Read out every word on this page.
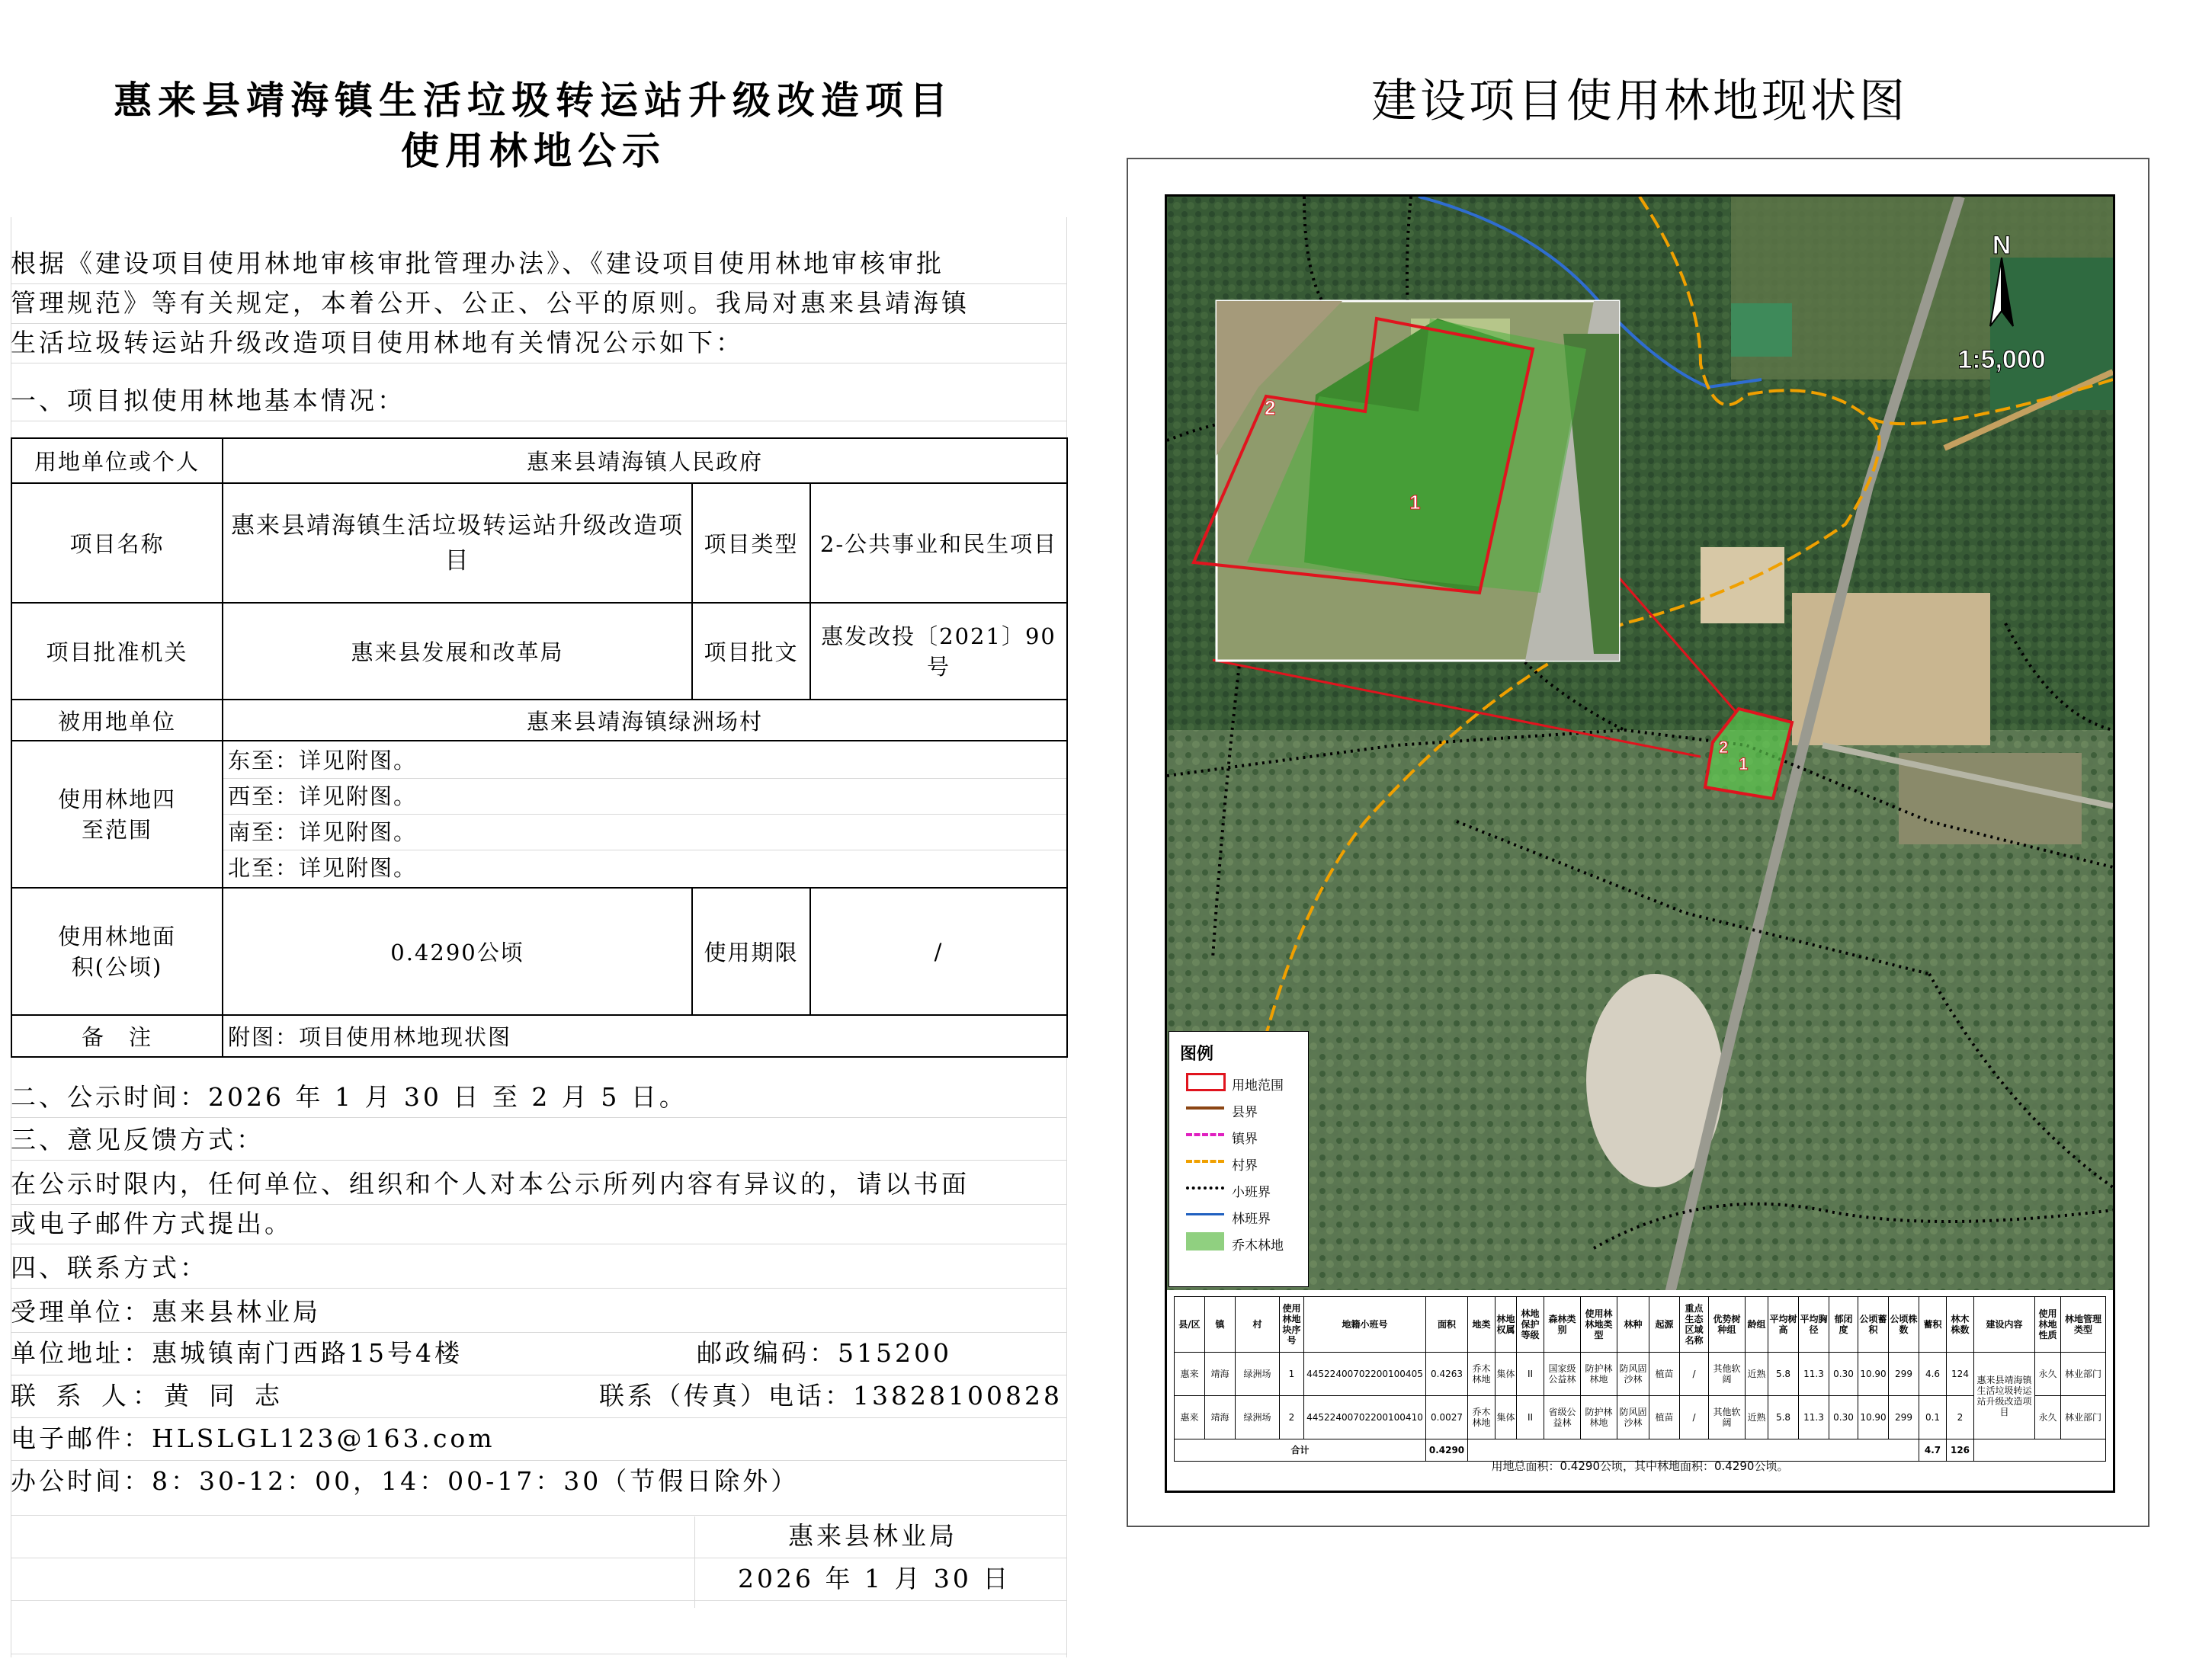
惠来县靖海镇生活垃圾转运站升级改造项目
使用林地公示
根据《建设项目使用林地审核审批管理办法》、《建设项目使用林地审核审批
管理规范》等有关规定，本着公开、公正、公平的原则。我局对惠来县靖海镇
生活垃圾转运站升级改造项目使用林地有关情况公示如下：
一、项目拟使用林地基本情况：
用地单位或个人	惠来县靖海镇人民政府		
项目名称	惠来县靖海镇生活垃圾转运站升级改造项目	项目类型	2-公共事业和民生项目
项目批准机关	惠来县发展和改革局	项目批文	惠发改投〔2021〕90号
被用地单位	惠来县靖海镇绿洲场村		
使用林地四至范围	东至：详见附图。
西至：详见附图。
南至：详见附图。
北至：详见附图。		

使用林地面积(公顷)	0.4290公顷	使用期限	/
备　注	附图：项目使用林地现状图		
二、公示时间：2026 年 1 月 30 日 至 2 月 5 日。
三、意见反馈方式：
在公示时限内，任何单位、组织和个人对本公示所列内容有异议的，请以书面
或电子邮件方式提出。
四、联系方式：
受理单位：惠来县林业局
单位地址：惠城镇南门西路15号4楼	邮政编码：515200
联 系 人：黄 同 志	联系（传真）电话：13828100828
电子邮件：HLSLGL123@163.com
办公时间：8：30-12：00，14：00-17：30（节假日除外）
惠来县林业局
2026 年 1 月 30 日
建设项目使用林地现状图
2
1
2
1
N
1:5,000
图例
用地范围
县界
镇界
村界
小班界
林班界
乔木林地
县/区	镇	村	使用林地块序号	地籍小班号	面积	地类	林地权属	林地保护等级	森林类别	使用林林地类型	林种	起源	重点生态区域名称	优势树种组	龄组	平均树高	平均胸径	郁闭度	公顷蓄积	公顷株数	蓄积	林木株数	建设内容	使用林地性质	林地管理类型
惠来	靖海	绿洲场	1	44522400702200100405	0.4263	乔木林地	集体	II	国家级公益林	防护林林地	防风固沙林	植苗	/	其他软阔	近熟	5.8	11.3	0.30	10.90	299	4.6	124	惠来县靖海镇生活垃圾转运站升级改造项目	永久	林业部门
惠来	靖海	绿洲场	2	44522400702200100410	0.0027	乔木林地	集体	II	省级公益林	防护林林地	防风固沙林	植苗	/	其他软阔	近熟	5.8	11.3	0.30	10.90	299	0.1	2		永久	林业部门
合计					0.4290																4.7	126			
用地总面积：0.4290公顷，其中林地面积：0.4290公顷。
